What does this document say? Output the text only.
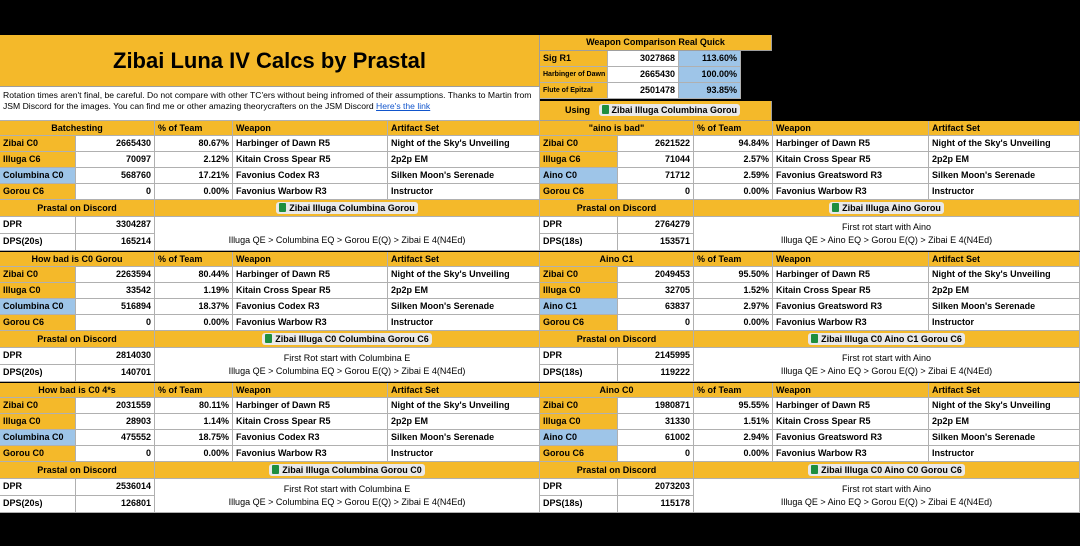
Zibai Luna IV Calcs by Prastal
Rotation times aren't final, be careful. Do not compare with other TC'ers without being infromed of their assumptions. Thanks to Martin from JSM Discord for the images. You can find me or other amazing theorycrafters on the JSM Discord Here's the link
Weapon Comparison Real Quick
Sig R1	3027868	113.60%
Harbinger of Dawn	2665430	100.00%
Flute of Epitzal	2501478	93.85%
Using Zibai Illuga Columbina Gorou
Batchesting	% of Team	Weapon	Artifact Set
Zibai C0	2665430	80.67% Harbinger of Dawn R5	Night of the Sky's Unveiling
Illuga C6	70097	2.12% Kitain Cross Spear R5	2p2p EM
Columbina C0	568760	17.21% Favonius Codex R3	Silken Moon's Serenade
Gorou C6	0	0.00% Favonius Warbow R3	Instructor
Prastal on Discord	Zibai Illuga Columbina Gorou
DPR	3304287
DPS(20s)	165214
	Illuga QE > Columbina EQ > Gorou E(Q) > Zibai E 4(N4Ed)
"aino is bad"	% of Team	Weapon	Artifact Set
Zibai C0	2621522	94.84% Harbinger of Dawn R5	Night of the Sky's Unveiling
Illuga C6	71044	2.57% Kitain Cross Spear R5	2p2p EM
Aino C0	71712	2.59% Favonius Greatsword R3	Silken Moon's Serenade
Gorou C6	0	0.00% Favonius Warbow R3	Instructor
Prastal on Discord	Zibai Illuga Aino Gorou
DPR	2764279
DPS(18s)	153571
First rot start with Aino
Illuga QE > Aino EQ > Gorou E(Q) > Zibai E 4(N4Ed)
How bad is C0 Gorou	% of Team	Weapon	Artifact Set
Zibai C0	2263594	80.44% Harbinger of Dawn R5	Night of the Sky's Unveiling
Illuga C0	33542	1.19% Kitain Cross Spear R5	2p2p EM
Columbina C0	516894	18.37% Favonius Codex R3	Silken Moon's Serenade
Gorou C6	0	0.00% Favonius Warbow R3	Instructor
Prastal on Discord	Zibai Illuga C0 Columbina Gorou C6
DPR	2814030
DPS(20s)	140701
First Rot start with Columbina E
Illuga QE > Columbina EQ > Gorou E(Q) > Zibai E 4(N4Ed)
Aino C1	% of Team	Weapon	Artifact Set
Zibai C0	2049453	95.50% Harbinger of Dawn R5	Night of the Sky's Unveiling
Illuga C0	32705	1.52% Kitain Cross Spear R5	2p2p EM
Aino C1	63837	2.97% Favonius Greatsword R3	Silken Moon's Serenade
Gorou C6	0	0.00% Favonius Warbow R3	Instructor
Prastal on Discord	Zibai Illuga C0 Aino C1 Gorou C6
DPR	2145995
DPS(18s)	119222
First rot start with Aino
Illuga QE > Aino EQ > Gorou E(Q) > Zibai E 4(N4Ed)
How bad is C0 4*s	% of Team	Weapon	Artifact Set
Zibai C0	2031559	80.11% Harbinger of Dawn R5	Night of the Sky's Unveiling
Illuga C0	28903	1.14% Kitain Cross Spear R5	2p2p EM
Columbina C0	475552	18.75% Favonius Codex R3	Silken Moon's Serenade
Gorou C0	0	0.00% Favonius Warbow R3	Instructor
Prastal on Discord	Zibai Illuga Columbina Gorou C0
DPR	2536014
DPS(20s)	126801
First Rot start with Columbina E
Illuga QE > Columbina EQ > Gorou E(Q) > Zibai E 4(N4Ed)
Aino C0	% of Team	Weapon	Artifact Set
Zibai C0	1980871	95.55% Harbinger of Dawn R5	Night of the Sky's Unveiling
Illuga C0	31330	1.51% Kitain Cross Spear R5	2p2p EM
Aino C0	61002	2.94% Favonius Greatsword R3	Silken Moon's Serenade
Gorou C6	0	0.00% Favonius Warbow R3	Instructor
Prastal on Discord	Zibai Illuga C0 Aino C0 Gorou C6
DPR	2073203
DPS(18s)	115178
First rot start with Aino
Illuga QE > Aino EQ > Gorou E(Q) > Zibai E 4(N4Ed)
